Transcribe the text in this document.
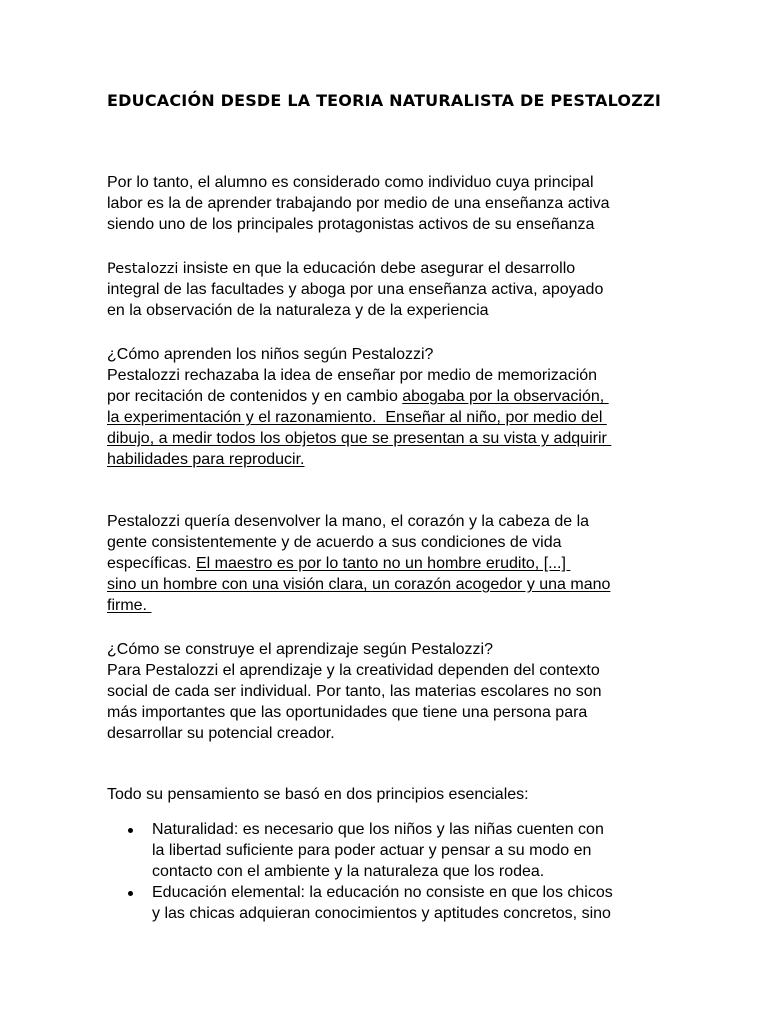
EDUCACIÓN DESDE LA TEORIA NATURALISTA DE PESTALOZZI

Por lo tanto, el alumno es considerado como individuo cuya principal
labor es la de aprender trabajando por medio de una enseñanza activa
siendo uno de los principales protagonistas activos de su enseñanza

Pestalozzi insiste en que la educación debe asegurar el desarrollo
integral de las facultades y aboga por una enseñanza activa, apoyado
en la observación de la naturaleza y de la experiencia

¿Cómo aprenden los niños según Pestalozzi?
Pestalozzi rechazaba la idea de enseñar por medio de memorización
por recitación de contenidos y en cambio abogaba por la observación,
la experimentación y el razonamiento.  Enseñar al niño, por medio del
dibujo, a medir todos los objetos que se presentan a su vista y adquirir
habilidades para reproducir.

Pestalozzi quería desenvolver la mano, el corazón y la cabeza de la
gente consistentemente y de acuerdo a sus condiciones de vida
específicas. El maestro es por lo tanto no un hombre erudito, [...]
sino un hombre con una visión clara, un corazón acogedor y una mano
firme.

¿Cómo se construye el aprendizaje según Pestalozzi?
Para Pestalozzi el aprendizaje y la creatividad dependen del contexto
social de cada ser individual. Por tanto, las materias escolares no son
más importantes que las oportunidades que tiene una persona para
desarrollar su potencial creador.

Todo su pensamiento se basó en dos principios esenciales:

Naturalidad: es necesario que los niños y las niñas cuenten con
la libertad suficiente para poder actuar y pensar a su modo en
contacto con el ambiente y la naturaleza que los rodea.
Educación elemental: la educación no consiste en que los chicos
y las chicas adquieran conocimientos y aptitudes concretos, sino
